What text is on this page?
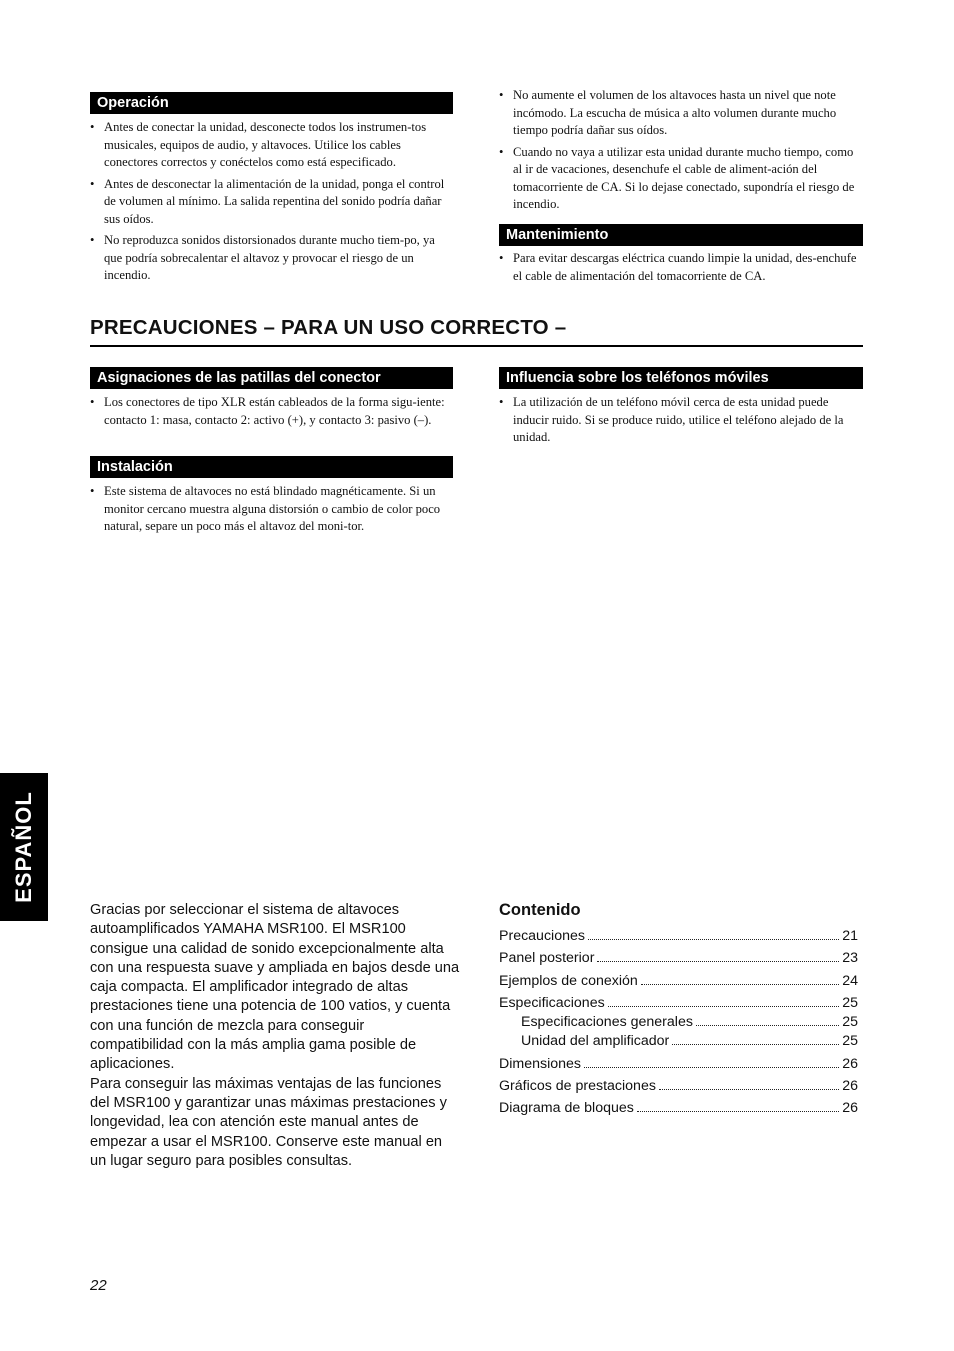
Operación
• Antes de conectar la unidad, desconecte todos los instrumen-tos musicales, equipos de audio, y altavoces. Utilice los cables conectores correctos y conéctelos como está especificado.
• Antes de desconectar la alimentación de la unidad, ponga el control de volumen al mínimo. La salida repentina del sonido podría dañar sus oídos.
• No reproduzca sonidos distorsionados durante mucho tiem-po, ya que podría sobrecalentar el altavoz y provocar el riesgo de un incendio.
• No aumente el volumen de los altavoces hasta un nivel que note incómodo. La escucha de música a alto volumen durante mucho tiempo podría dañar sus oídos.
• Cuando no vaya a utilizar esta unidad durante mucho tiempo, como al ir de vacaciones, desenchufe el cable de aliment-ación del tomacorriente de CA. Si lo dejase conectado, supondría el riesgo de incendio.
Mantenimiento
• Para evitar descargas eléctrica cuando limpie la unidad, des-enchufe el cable de alimentación del tomacorriente de CA.
PRECAUCIONES – PARA UN USO CORRECTO –
Asignaciones de las patillas del conector
• Los conectores de tipo XLR están cableados de la forma sigu-iente: contacto 1: masa, contacto 2: activo (+), y contacto 3: pasivo (–).
Instalación
• Este sistema de altavoces no está blindado magnéticamente. Si un monitor cercano muestra alguna distorsión o cambio de color poco natural, separe un poco más el altavoz del moni-tor.
Influencia sobre los teléfonos móviles
• La utilización de un teléfono móvil cerca de esta unidad puede inducir ruido. Si se produce ruido, utilice el teléfono alejado de la unidad.
ESPAÑOL
Gracias por seleccionar el sistema de altavoces autoamplificados YAMAHA MSR100. El MSR100 consigue una calidad de sonido excepcionalmente alta con una respuesta suave y ampliada en bajos desde una caja compacta. El amplificador integrado de altas prestaciones tiene una potencia de 100 vatios, y cuenta con una función de mezcla para conseguir compatibilidad con la más amplia gama posible de aplicaciones.
Para conseguir las máximas ventajas de las funciones del MSR100 y garantizar unas máximas prestaciones y longevidad, lea con atención este manual antes de empezar a usar el MSR100. Conserve este manual en un lugar seguro para posibles consultas.
Contenido
Precauciones	21
Panel posterior	23
Ejemplos de conexión	24
Especificaciones	25
Especificaciones generales	25
Unidad del amplificador	25
Dimensiones	26
Gráficos de prestaciones	26
Diagrama de bloques	26
22
